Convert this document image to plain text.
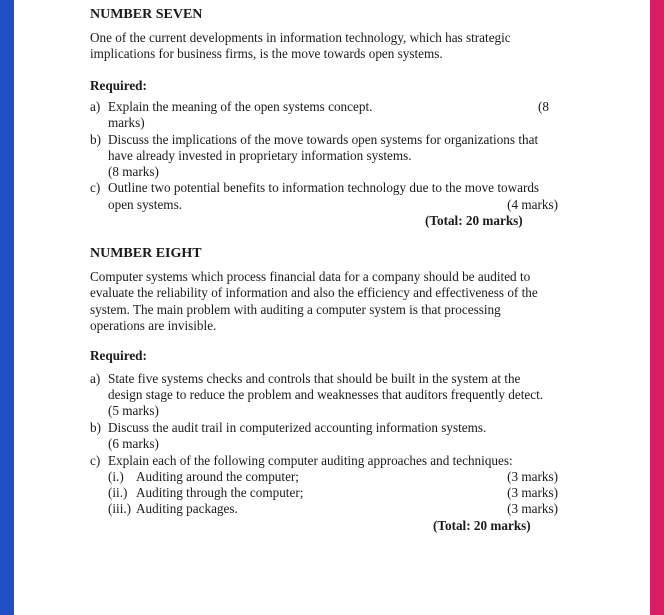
NUMBER SEVEN
One of the current developments in information technology, which has strategic
implications for business firms, is the move towards open systems.
Required:
a) Explain the meaning of the open systems concept.	(8
marks)
b) Discuss the implications of the move towards open systems for organizations that
have already invested in proprietary information systems.
(8 marks)
c) Outline two potential benefits to information technology due to the move towards
open systems.	(4 marks)
(Total: 20 marks)
NUMBER EIGHT
Computer systems which process financial data for a company should be audited to
evaluate the reliability of information and also the efficiency and effectiveness of the
system. The main problem with auditing a computer system is that processing
operations are invisible.
Required:
a) State five systems checks and controls that should be built in the system at the
design stage to reduce the problem and weaknesses that auditors frequently detect.
(5 marks)
b) Discuss the audit trail in computerized accounting information systems.
(6 marks)
c) Explain each of the following computer auditing approaches and techniques:
(i.) Auditing around the computer;	(3 marks)
(ii.) Auditing through the computer;	(3 marks)
(iii.) Auditing packages.	(3 marks)
(Total: 20 marks)
